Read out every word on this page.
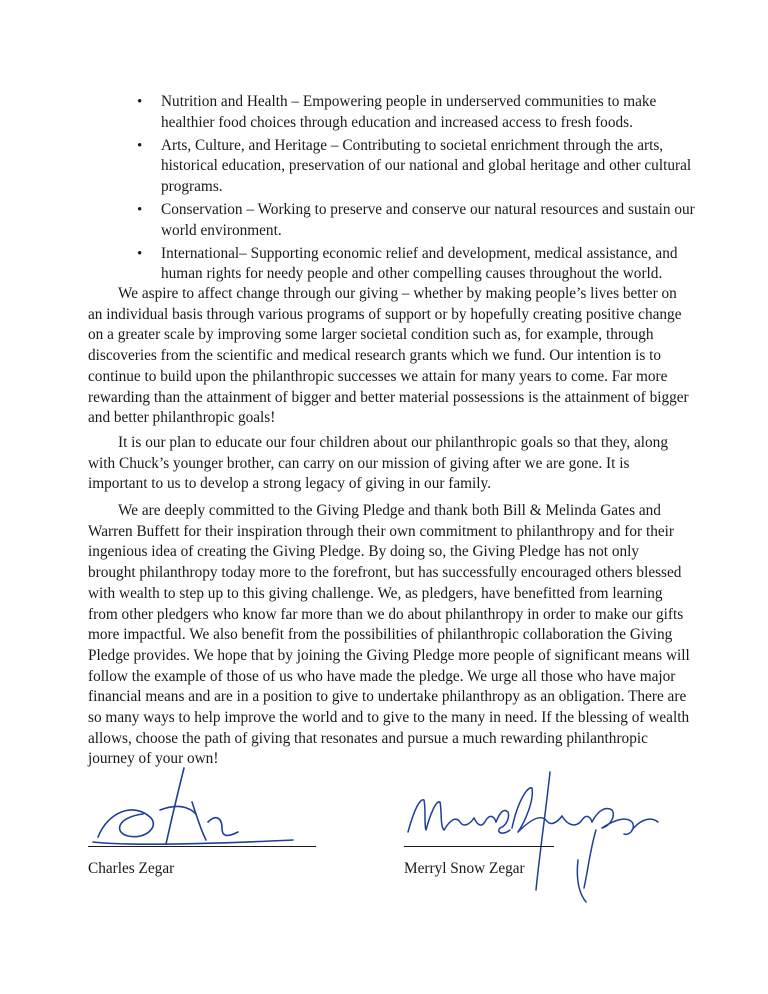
• Nutrition and Health – Empowering people in underserved communities to make healthier food choices through education and increased access to fresh foods.
• Arts, Culture, and Heritage – Contributing to societal enrichment through the arts, historical education, preservation of our national and global heritage and other cultural programs.
• Conservation – Working to preserve and conserve our natural resources and sustain our world environment.
• International– Supporting economic relief and development, medical assistance, and human rights for needy people and other compelling causes throughout the world.

We aspire to affect change through our giving – whether by making people’s lives better on an individual basis through various programs of support or by hopefully creating positive change on a greater scale by improving some larger societal condition such as, for example, through discoveries from the scientific and medical research grants which we fund. Our intention is to continue to build upon the philanthropic successes we attain for many years to come. Far more rewarding than the attainment of bigger and better material possessions is the attainment of bigger and better philanthropic goals!

It is our plan to educate our four children about our philanthropic goals so that they, along with Chuck’s younger brother, can carry on our mission of giving after we are gone. It is important to us to develop a strong legacy of giving in our family.

We are deeply committed to the Giving Pledge and thank both Bill & Melinda Gates and Warren Buffett for their inspiration through their own commitment to philanthropy and for their ingenious idea of creating the Giving Pledge. By doing so, the Giving Pledge has not only brought philanthropy today more to the forefront, but has successfully encouraged others blessed with wealth to step up to this giving challenge. We, as pledgers, have benefitted from learning from other pledgers who know far more than we do about philanthropy in order to make our gifts more impactful. We also benefit from the possibilities of philanthropic collaboration the Giving Pledge provides. We hope that by joining the Giving Pledge more people of significant means will follow the example of those of us who have made the pledge. We urge all those who have major financial means and are in a position to give to undertake philanthropy as an obligation. There are so many ways to help improve the world and to give to the many in need. If the blessing of wealth allows, choose the path of giving that resonates and pursue a much rewarding philanthropic journey of your own!

Charles Zegar	Merryl Snow Zegar
